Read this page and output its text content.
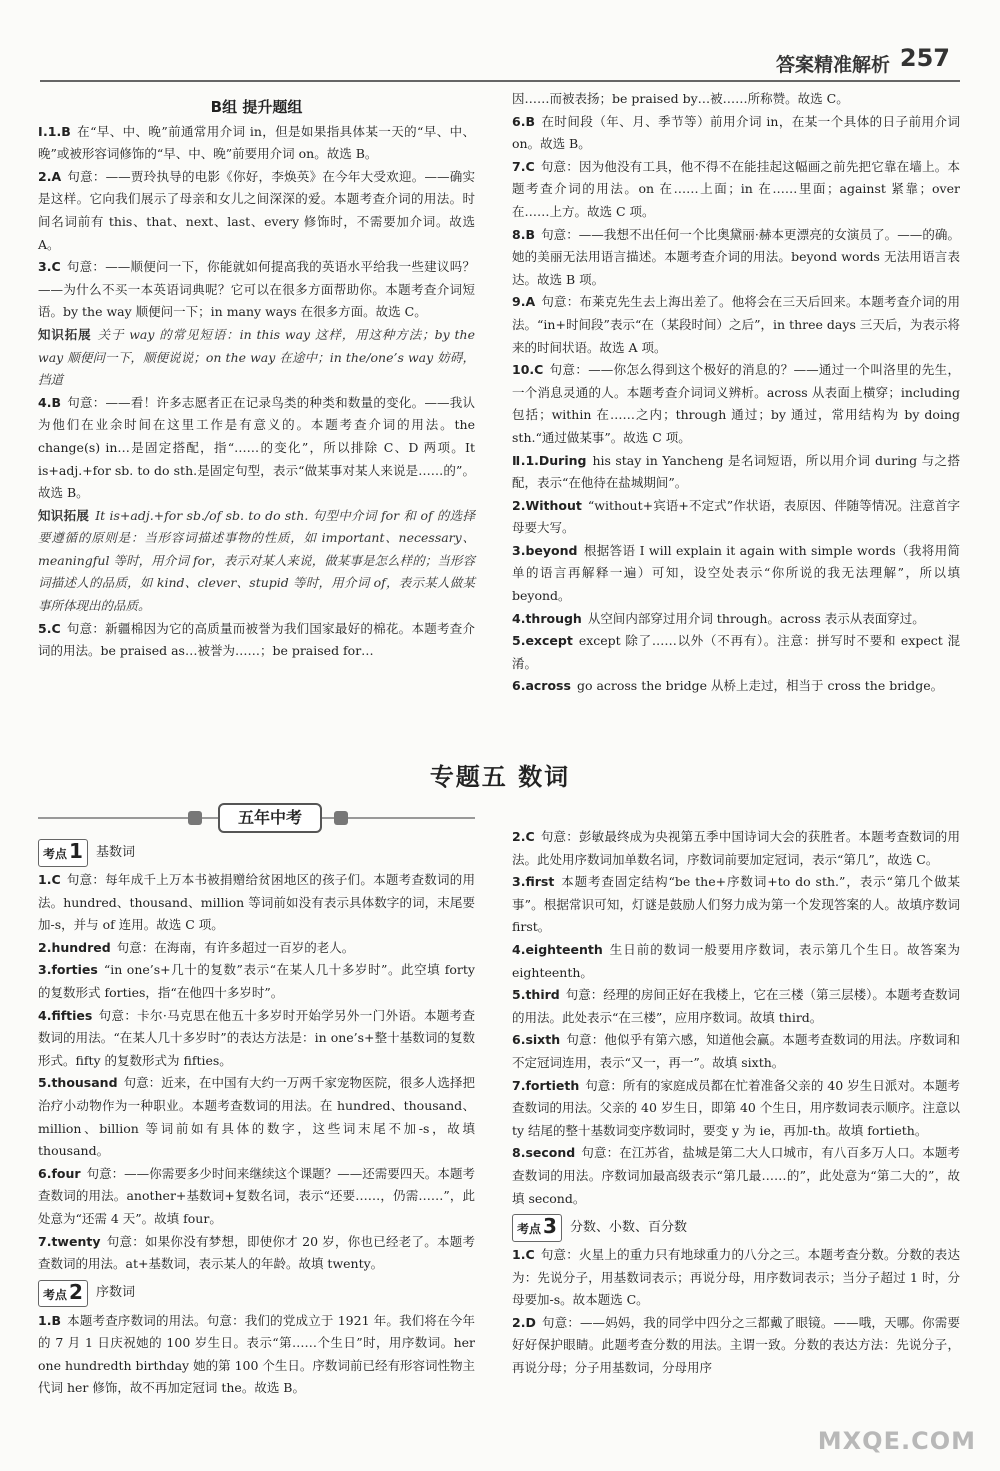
答案精准解析 257
B组 提升题组

Ⅰ.1.B 在“早、中、晚”前通常用介词 in，但是如果指具体某一天的“早、中、晚”或被形容词修饰的“早、中、晚”前要用介词 on。故选 B。

2.A 句意：——贾玲执导的电影《你好，李焕英》在今年大受欢迎。——确实是这样。它向我们展示了母亲和女儿之间深深的爱。本题考查介词的用法。时间名词前有 this、that、next、last、every 修饰时，不需要加介词。故选 A。

3.C 句意：——顺便问一下，你能就如何提高我的英语水平给我一些建议吗？——为什么不买一本英语词典呢？它可以在很多方面帮助你。本题考查介词短语。by the way 顺便问一下；in many ways 在很多方面。故选 C。

知识拓展 关于 way 的常见短语：in this way 这样，用这种方法；by the way 顺便问一下，顺便说说；on the way 在途中；in the/one’s way 妨碍，挡道

4.B 句意：——看！许多志愿者正在记录鸟类的种类和数量的变化。——我认为他们在业余时间在这里工作是有意义的。本题考查介词的用法。the change(s) in…是固定搭配，指“……的变化”，所以排除 C、D 两项。It is+adj.+for sb. to do sth.是固定句型，表示“做某事对某人来说是……的”。故选 B。

知识拓展 It is+adj.+for sb./of sb. to do sth. 句型中介词 for 和 of 的选择要遵循的原则是：当形容词描述事物的性质，如 important、necessary、meaningful 等时，用介词 for，表示对某人来说，做某事是怎么样的；当形容词描述人的品质，如 kind、clever、stupid 等时，用介词 of，表示某人做某事所体现出的品质。

5.C 句意：新疆棉因为它的高质量而被誉为我们国家最好的棉花。本题考查介词的用法。be praised as…被誉为……；be praised for…

因……而被表扬；be praised by…被……所称赞。故选 C。

6.B 在时间段（年、月、季节等）前用介词 in，在某一个具体的日子前用介词 on。故选 B。

7.C 句意：因为他没有工具，他不得不在能挂起这幅画之前先把它靠在墙上。本题考查介词的用法。on 在……上面；in 在……里面；against 紧靠；over 在……上方。故选 C 项。

8.B 句意：——我想不出任何一个比奥黛丽·赫本更漂亮的女演员了。——的确。她的美丽无法用语言描述。本题考查介词的用法。beyond words 无法用语言表达。故选 B 项。

9.A 句意：布莱克先生去上海出差了。他将会在三天后回来。本题考查介词的用法。“in+时间段”表示“在（某段时间）之后”，in three days 三天后，为表示将来的时间状语。故选 A 项。

10.C 句意：——你怎么得到这个极好的消息的？——通过一个叫洛里的先生，一个消息灵通的人。本题考查介词词义辨析。across 从表面上横穿；including 包括；within 在……之内；through 通过；by 通过，常用结构为 by doing sth.“通过做某事”。故选 C 项。

Ⅱ.1.During his stay in Yancheng 是名词短语，所以用介词 during 与之搭配，表示“在他待在盐城期间”。

2.Without “without+宾语+不定式”作状语，表原因、伴随等情况。注意首字母要大写。

3.beyond 根据答语 I will explain it again with simple words（我将用简单的语言再解释一遍）可知，设空处表示“你所说的我无法理解”，所以填 beyond。

4.through 从空间内部穿过用介词 through。across 表示从表面穿过。

5.except except 除了……以外（不再有）。注意：拼写时不要和 expect 混淆。

6.across go across the bridge 从桥上走过，相当于 cross the bridge。

专题五 数词
五年中考
考点 1 基数词

1.C 句意：每年成千上万本书被捐赠给贫困地区的孩子们。本题考查数词的用法。hundred、thousand、million 等词前如没有表示具体数字的词，末尾要加-s，并与 of 连用。故选 C 项。

2.hundred 句意：在海南，有许多超过一百岁的老人。

3.forties “in one’s+几十的复数”表示“在某人几十多岁时”。此空填 forty 的复数形式 forties，指“在他四十多岁时”。

4.fifties 句意：卡尔·马克思在他五十多岁时开始学另外一门外语。本题考查数词的用法。“在某人几十多岁时”的表达方法是：in one’s+整十基数词的复数形式。fifty 的复数形式为 fifties。

5.thousand 句意：近来，在中国有大约一万两千家宠物医院，很多人选择把治疗小动物作为一种职业。本题考查数词的用法。在 hundred、thousand、million、billion 等词前如有具体的数字，这些词末尾不加-s，故填 thousand。

6.four 句意：——你需要多少时间来继续这个课题？——还需要四天。本题考查数词的用法。another+基数词+复数名词，表示“还要……，仍需……”，此处意为“还需 4 天”。故填 four。

7.twenty 句意：如果你没有梦想，即使你才 20 岁，你也已经老了。本题考查数词的用法。at+基数词，表示某人的年龄。故填 twenty。

考点 2 序数词

1.B 本题考查序数词的用法。句意：我们的党成立于 1921 年。我们将在今年的 7 月 1 日庆祝她的 100 岁生日。表示“第……个生日”时，用序数词。her one hundredth birthday 她的第 100 个生日。序数词前已经有形容词性物主代词 her 修饰，故不再加定冠词 the。故选 B。

2.C 句意：彭敏最终成为央视第五季中国诗词大会的获胜者。本题考查数词的用法。此处用序数词加单数名词，序数词前要加定冠词，表示“第几”，故选 C。

3.first 本题考查固定结构“be the+序数词+to do sth.”，表示“第几个做某事”。根据常识可知，灯谜是鼓励人们努力成为第一个发现答案的人。故填序数词 first。

4.eighteenth 生日前的数词一般要用序数词，表示第几个生日。故答案为 eighteenth。

5.third 句意：经理的房间正好在我楼上，它在三楼（第三层楼）。本题考查数词的用法。此处表示“在三楼”，应用序数词。故填 third。

6.sixth 句意：他似乎有第六感，知道他会赢。本题考查数词的用法。序数词和不定冠词连用，表示“又一，再一”。故填 sixth。

7.fortieth 句意：所有的家庭成员都在忙着准备父亲的 40 岁生日派对。本题考查数词的用法。父亲的 40 岁生日，即第 40 个生日，用序数词表示顺序。注意以 ty 结尾的整十基数词变序数词时，要变 y 为 ie，再加-th。故填 fortieth。

8.second 句意：在江苏省，盐城是第二大人口城市，有八百多万人口。本题考查数词的用法。序数词加最高级表示“第几最……的”，此处意为“第二大的”，故填 second。

考点 3 分数、小数、百分数

1.C 句意：火星上的重力只有地球重力的八分之三。本题考查分数。分数的表达为：先说分子，用基数词表示；再说分母，用序数词表示；当分子超过 1 时，分母要加-s。故本题选 C。

2.D 句意：——妈妈，我的同学中四分之三都戴了眼镜。——哦，天哪。你需要好好保护眼睛。此题考查分数的用法。主谓一致。分数的表达方法：先说分子，再说分母；分子用基数词，分母用序

MXQE.COM
